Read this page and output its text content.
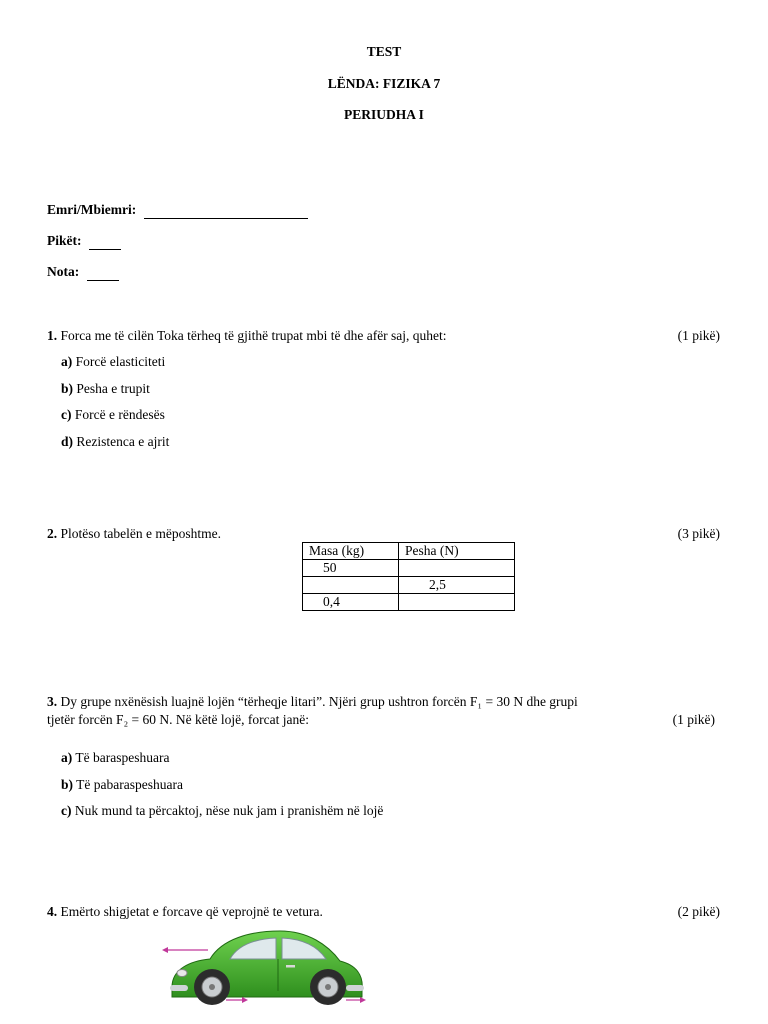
TEST
LËNDA: FIZIKA 7
PERIUDHA I
Emri/Mbiemri:
Pikët:
Nota:
1. Forca me të cilën Toka tërheq të gjithë trupat mbi të dhe afër saj, quhet:	(1 pikë)
a) Forcë elasticiteti
b) Pesha e trupit
c) Forcë e rëndesës
d) Rezistenca e ajrit
2. Plotëso tabelën e mëposhtme.	(3 pikë)
Masa (kg)	Pesha (N)
50	
	2,5
0,4	
3. Dy grupe nxënësish luajnë lojën “tërheqje litari”. Njëri grup ushtron forcën F₁ = 30 N dhe grupi
tjetër forcën F₂ = 60 N. Në këtë lojë, forcat janë:	(1 pikë)
a) Të baraspeshuara
b) Të pabaraspeshuara
c) Nuk mund ta përcaktoj, nëse nuk jam i pranishëm në lojë
4. Emërto shigjetat e forcave që veprojnë te vetura.	(2 pikë)
